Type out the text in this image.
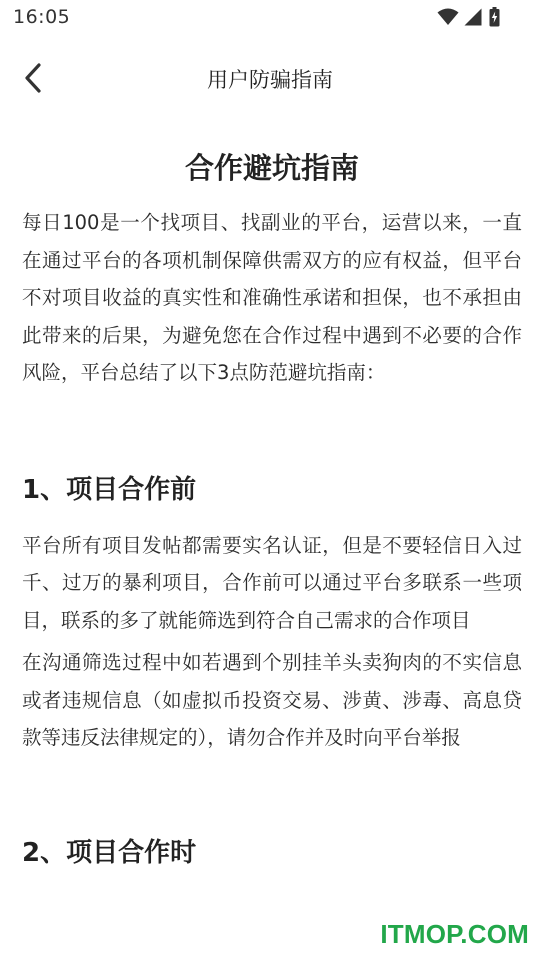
16:05
用户防骗指南
合作避坑指南

每日100是一个找项目、找副业的平台，运营以来，一直在通过平台的各项机制保障供需双方的应有权益，但平台不对项目收益的真实性和准确性承诺和担保，也不承担由此带来的后果，为避免您在合作过程中遇到不必要的合作风险，平台总结了以下3点防范避坑指南：

1、项目合作前

平台所有项目发帖都需要实名认证，但是不要轻信日入过千、过万的暴利项目，合作前可以通过平台多联系一些项目，联系的多了就能筛选到符合自己需求的合作项目

在沟通筛选过程中如若遇到个别挂羊头卖狗肉的不实信息或者违规信息（如虚拟币投资交易、涉黄、涉毒、高息贷款等违反法律规定的），请勿合作并及时向平台举报

2、项目合作时
ITMOP.COM
